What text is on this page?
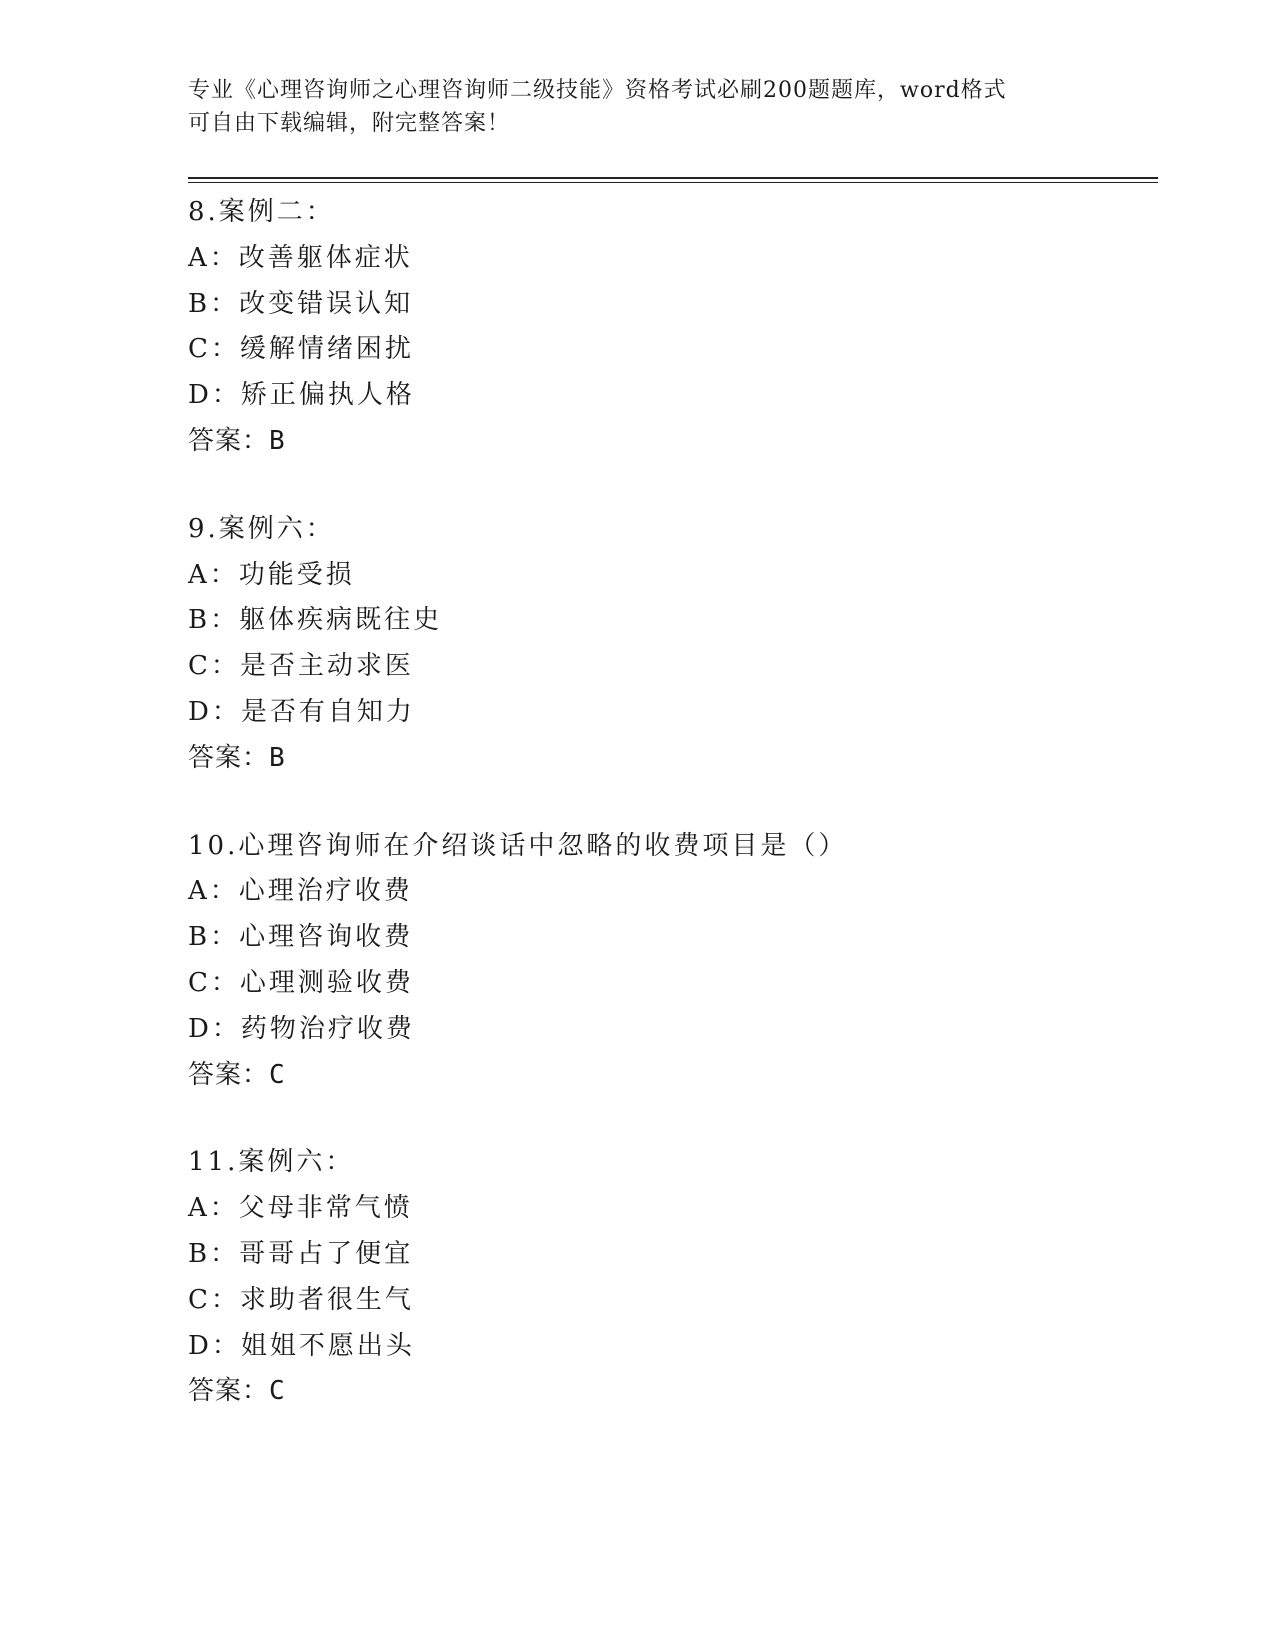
专业《心理咨询师之心理咨询师二级技能》资格考试必刷200题题库，word格式
可自由下载编辑，附完整答案！
8.案例二：
A：改善躯体症状
B：改变错误认知
C：缓解情绪困扰
D：矫正偏执人格
答案：B
9.案例六：
A：功能受损
B：躯体疾病既往史
C：是否主动求医
D：是否有自知力
答案：B
10.心理咨询师在介绍谈话中忽略的收费项目是（）
A：心理治疗收费
B：心理咨询收费
C：心理测验收费
D：药物治疗收费
答案：C
11.案例六：
A：父母非常气愤
B：哥哥占了便宜
C：求助者很生气
D：姐姐不愿出头
答案：C
